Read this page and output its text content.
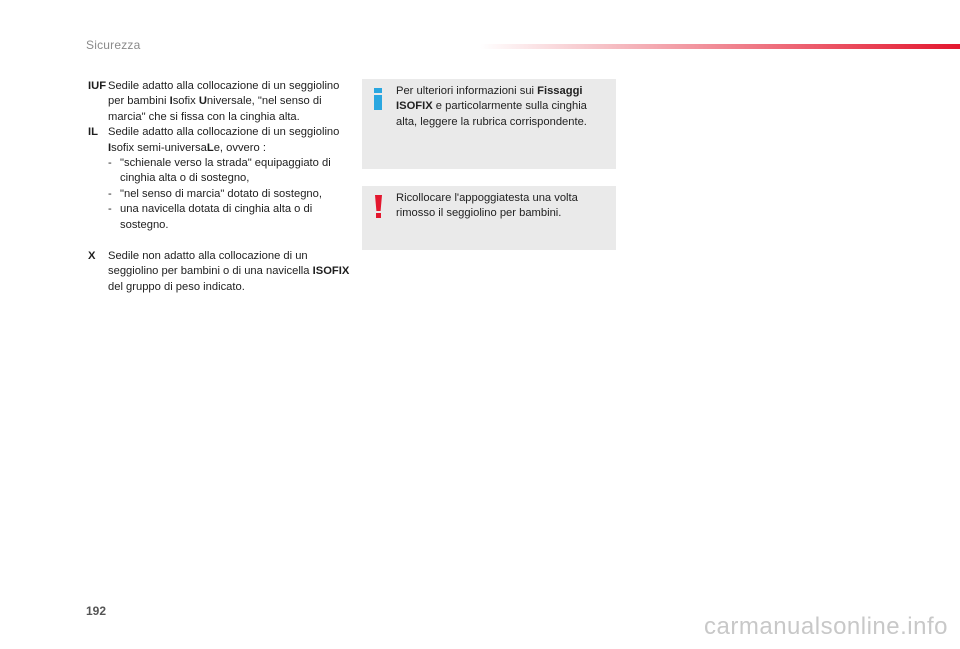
Sicurezza
IUF Sedile adatto alla collocazione di un seggiolino per bambini Isofix Universale, "nel senso di marcia" che si fissa con la cinghia alta.
IL Sedile adatto alla collocazione di un seggiolino Isofix semi-universaLe, ovvero :
- "schienale verso la strada" equipaggiato di cinghia alta o di sostegno,
- "nel senso di marcia" dotato di sostegno,
- una navicella dotata di cinghia alta o di sostegno.
X	Sedile non adatto alla collocazione di un seggiolino per bambini o di una navicella ISOFIX del gruppo di peso indicato.
Per ulteriori informazioni sui Fissaggi ISOFIX e particolarmente sulla cinghia alta, leggere la rubrica corrispondente.
Ricollocare l'appoggiatesta una volta rimosso il seggiolino per bambini.
192
carmanualsonline.info
